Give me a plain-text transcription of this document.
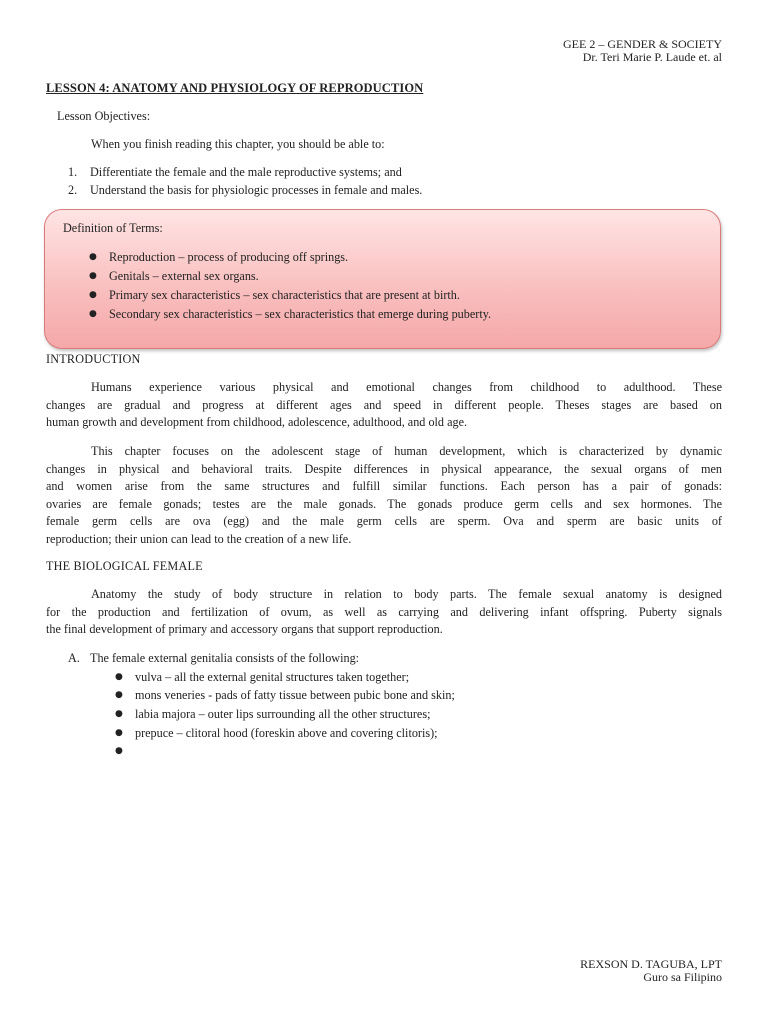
GEE 2 – GENDER & SOCIETY
Dr. Teri Marie P. Laude et. al
LESSON 4: ANATOMY AND PHYSIOLOGY OF REPRODUCTION
Lesson Objectives:
When you finish reading this chapter, you should be able to:
1.	Differentiate the female and the male reproductive systems; and
2.	Understand the basis for physiologic processes in female and males.
Definition of Terms:
● Reproduction – process of producing off springs.
● Genitals – external sex organs.
● Primary sex characteristics – sex characteristics that are present at birth.
● Secondary sex characteristics – sex characteristics that emerge during puberty.
INTRODUCTION

Humans experience various physical and emotional changes from childhood to adulthood. These
changes are gradual and progress at different ages and speed in different people. Theses stages are based on
human growth and development from childhood, adolescence, adulthood, and old age.

This chapter focuses on the adolescent stage of human development, which is characterized by dynamic
changes in physical and behavioral traits. Despite differences in physical appearance, the sexual organs of men
and women arise from the same structures and fulfill similar functions. Each person has a pair of gonads:
ovaries are female gonads; testes are the male gonads. The gonads produce germ cells and sex hormones. The
female germ cells are ova (egg) and the male germ cells are sperm. Ova and sperm are basic units of
reproduction; their union can lead to the creation of a new life.

THE BIOLOGICAL FEMALE

Anatomy the study of body structure in relation to body parts. The female sexual anatomy is designed
for the production and fertilization of ovum, as well as carrying and delivering infant offspring. Puberty signals
the final development of primary and accessory organs that support reproduction.

A. The female external genitalia consists of the following:
● vulva – all the external genital structures taken together;
● mons veneries - pads of fatty tissue between pubic bone and skin;
● labia majora – outer lips surrounding all the other structures;
● prepuce – clitoral hood (foreskin above and covering clitoris);
●
REXSON D. TAGUBA, LPT
Guro sa Filipino
